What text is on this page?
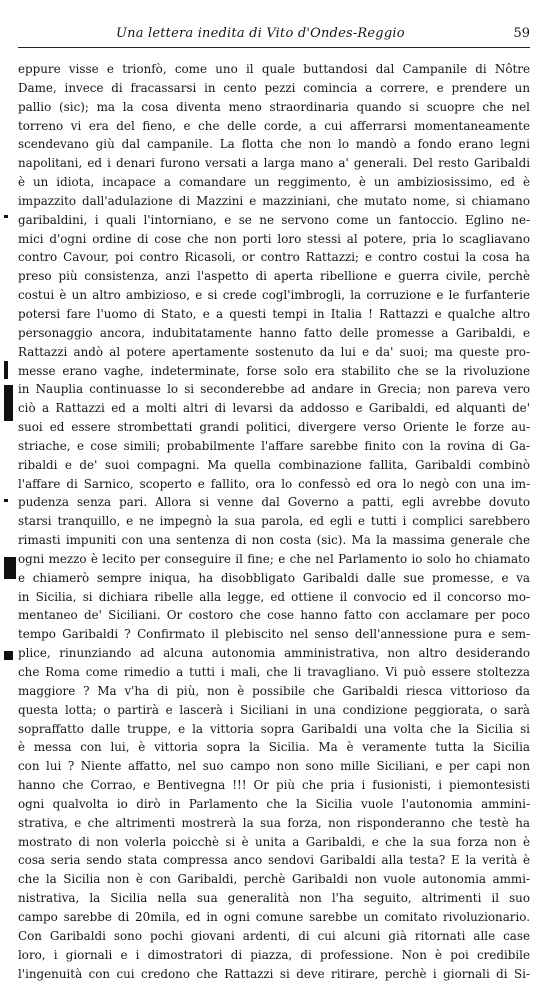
Una lettera inedita di Vito d'Ondes-Reggio	59
eppure visse e trionfò, come uno il quale buttandosi dal Campanile di Nôtre
Dame, invece di fracassarsi in cento pezzi comincia a correre, e prendere un
pallio (sic); ma la cosa diventa meno straordinaria quando si scuopre che nel
torreno vi era del fieno, e che delle corde, a cui afferrarsi momentaneamente
scendevano giù dal campanile. La flotta che non lo mandò a fondo erano legni
napolitani, ed i denari furono versati a larga mano a' generali. Del resto Garibaldi
è un idiota, incapace a comandare un reggimento, è un ambiziosissimo, ed è
impazzito dall'adulazione di Mazzini e mazziniani, che mutato nome, si chiamano
garibaldini, i quali l'intorniano, e se ne servono come un fantoccio. Eglino ne-
mici d'ogni ordine di cose che non porti loro stessi al potere, pria lo scagliavano
contro Cavour, poi contro Ricasoli, or contro Rattazzi; e contro costui la cosa ha
preso più consistenza, anzi l'aspetto di aperta ribellione e guerra civile, perchè
costui è un altro ambizioso, e si crede cogl'imbrogli, la corruzione e le furfanterie
potersi fare l'uomo di Stato, e a questi tempi in Italia ! Rattazzi e qualche altro
personaggio ancora, indubitatamente hanno fatto delle promesse a Garibaldi, e
Rattazzi andò al potere apertamente sostenuto da lui e da' suoi; ma queste pro-
messe erano vaghe, indeterminate, forse solo era stabilito che se la rivoluzione
in Nauplia continuasse lo si seconderebbe ad andare in Grecia; non pareva vero
ciò a Rattazzi ed a molti altri di levarsi da addosso e Garibaldi, ed alquanti de'
suoi ed essere strombettati grandi politici, divergere verso Oriente le forze au-
striache, e cose simili; probabilmente l'affare sarebbe finito con la rovina di Ga-
ribaldi e de' suoi compagni. Ma quella combinazione fallita, Garibaldi combinò
l'affare di Sarnico, scoperto e fallito, ora lo confessò ed ora lo negò con una im-
pudenza senza pari. Allora si venne dal Governo a patti, egli avrebbe dovuto
starsi tranquillo, e ne impegnò la sua parola, ed egli e tutti i complici sarebbero
rimasti impuniti con una sentenza di non costa (sic). Ma la massima generale che
ogni mezzo è lecito per conseguire il fine; e che nel Parlamento io solo ho chiamato
e chiamerò sempre iniqua, ha disobbligato Garibaldi dalle sue promesse, e va
in Sicilia, si dichiara ribelle alla legge, ed ottiene il convocio ed il concorso mo-
mentaneo de' Siciliani. Or costoro che cose hanno fatto con acclamare per poco
tempo Garibaldi ? Confirmato il plebiscito nel senso dell'annessione pura e sem-
plice, rinunziando ad alcuna autonomia amministrativa, non altro desiderando
che Roma come rimedio a tutti i mali, che li travagliano. Vi può essere stoltezza
maggiore ? Ma v'ha di più, non è possibile che Garibaldi riesca vittorioso da
questa lotta; o partirà e lascerà i Siciliani in una condizione peggiorata, o sarà
sopraffatto dalle truppe, e la vittoria sopra Garibaldi una volta che la Sicilia si
è messa con lui, è vittoria sopra la Sicilia. Ma è veramente tutta la Sicilia
con lui ? Niente affatto, nel suo campo non sono mille Siciliani, e per capi non
hanno che Corrao, e Bentivegna !!! Or più che pria i fusionisti, i piemontesisti
ogni qualvolta io dirò in Parlamento che la Sicilia vuole l'autonomia ammini-
strativa, e che altrimenti mostrerà la sua forza, non risponderanno che testè ha
mostrato di non volerla poicchè si è unita a Garibaldi, e che la sua forza non è
cosa seria sendo stata compressa anco sendovi Garibaldi alla testa? E la verità è
che la Sicilia non è con Garibaldi, perchè Garibaldi non vuole autonomia ammi-
nistrativa, la Sicilia nella sua generalità non l'ha seguito, altrimenti il suo
campo sarebbe di 20mila, ed in ogni comune sarebbe un comitato rivoluzionario.
Con Garibaldi sono pochi giovani ardenti, di cui alcuni già ritornati alle case
loro, i giornali e i dimostratori di piazza, di professione. Non è poi credibile
l'ingenuità con cui credono che Rattazzi si deve ritirare, perchè i giornali di Si-
